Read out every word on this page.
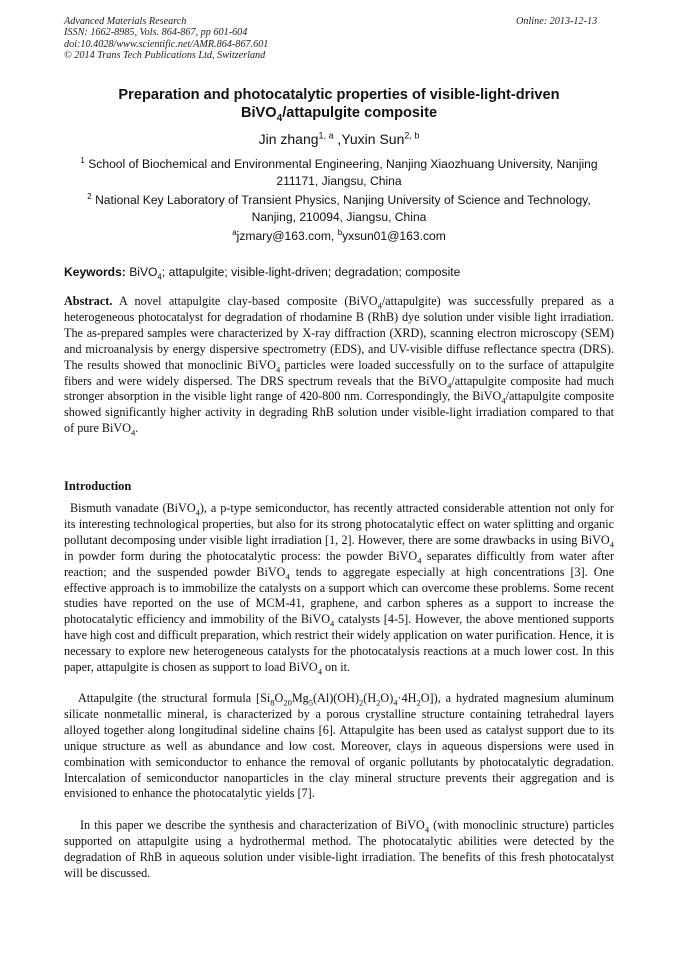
Advanced Materials Research
ISSN: 1662-8985, Vols. 864-867, pp 601-604
doi:10.4028/www.scientific.net/AMR.864-867.601
© 2014 Trans Tech Publications Ltd, Switzerland
Online: 2013-12-13
Preparation and photocatalytic properties of visible-light-driven
BiVO$_4$/attapulgite composite
Jin zhang$^{1, a}$ ,Yuxin Sun$^{2, b}$
$^1$ School of Biochemical and Environmental Engineering, Nanjing Xiaozhuang University, Nanjing 211171, Jiangsu, China
$^2$ National Key Laboratory of Transient Physics, Nanjing University of Science and Technology, Nanjing, 210094, Jiangsu, China
$^a$jzmary@163.com, $^b$yxsun01@163.com
Keywords: BiVO$_4$; attapulgite; visible-light-driven; degradation; composite
Abstract. A novel attapulgite clay-based composite (BiVO$_4$/attapulgite) was successfully prepared as a heterogeneous photocatalyst for degradation of rhodamine B (RhB) dye solution under visible light irradiation. The as-prepared samples were characterized by X-ray diffraction (XRD), scanning electron microscopy (SEM) and microanalysis by energy dispersive spectrometry (EDS), and UV-visible diffuse reflectance spectra (DRS). The results showed that monoclinic BiVO$_4$ particles were loaded successfully on to the surface of attapulgite fibers and were widely dispersed. The DRS spectrum reveals that the BiVO$_4$/attapulgite composite had much stronger absorption in the visible light range of 420-800 nm. Correspondingly, the BiVO$_4$/attapulgite composite showed significantly higher activity in degrading RhB solution under visible-light irradiation compared to that of pure BiVO$_4$.
Introduction
Bismuth vanadate (BiVO$_4$), a p-type semiconductor, has recently attracted considerable attention not only for its interesting technological properties, but also for its strong photocatalytic effect on water splitting and organic pollutant decomposing under visible light irradiation [1, 2]. However, there are some drawbacks in using BiVO$_4$ in powder form during the photocatalytic process: the powder BiVO$_4$ separates difficultly from water after reaction; and the suspended powder BiVO$_4$ tends to aggregate especially at high concentrations [3]. One effective approach is to immobilize the catalysts on a support which can overcome these problems. Some recent studies have reported on the use of MCM-41, graphene, and carbon spheres as a support to increase the photocatalytic efficiency and immobility of the BiVO$_4$ catalysts [4-5]. However, the above mentioned supports have high cost and difficult preparation, which restrict their widely application on water purification. Hence, it is necessary to explore new heterogeneous catalysts for the photocatalysis reactions at a much lower cost. In this paper, attapulgite is chosen as support to load BiVO$_4$ on it.
Attapulgite (the structural formula $[Si_8O_{20}Mg_5(Al)(OH)_2(H_2O)_4\cdot 4H_2O]$), a hydrated magnesium aluminum silicate nonmetallic mineral, is characterized by a porous crystalline structure containing tetrahedral layers alloyed together along longitudinal sideline chains [6]. Attapulgite has been used as catalyst support due to its unique structure as well as abundance and low cost. Moreover, clays in aqueous dispersions were used in combination with semiconductor to enhance the removal of organic pollutants by photocatalytic degradation. Intercalation of semiconductor nanoparticles in the clay mineral structure prevents their aggregation and is envisioned to enhance the photocatalytic yields [7].
In this paper we describe the synthesis and characterization of BiVO$_4$ (with monoclinic structure) particles supported on attapulgite using a hydrothermal method. The photocatalytic abilities were detected by the degradation of RhB in aqueous solution under visible-light irradiation. The benefits of this fresh photocatalyst will be discussed.
